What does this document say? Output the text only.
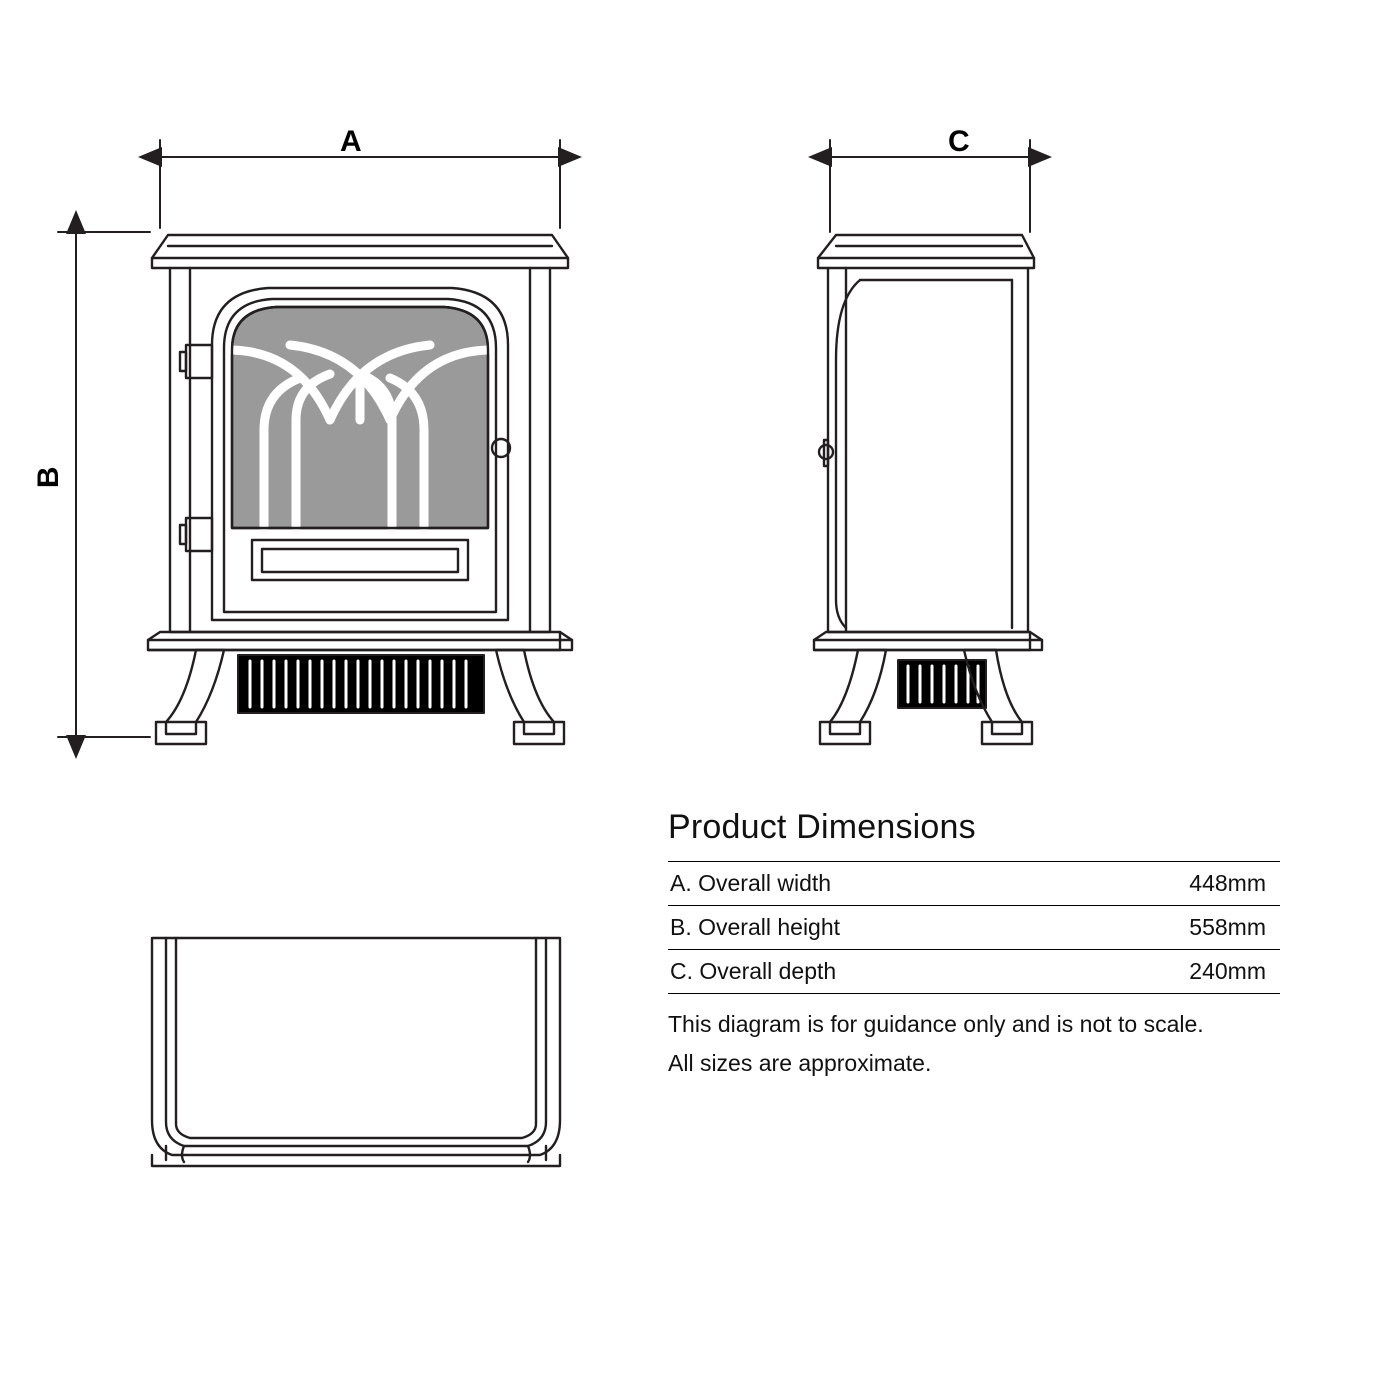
A	C
B
Product Dimensions
A. Overall width	448mm
B. Overall height	558mm
C. Overall depth	240mm

This diagram is for guidance only and is not to scale.

All sizes are approximate.
